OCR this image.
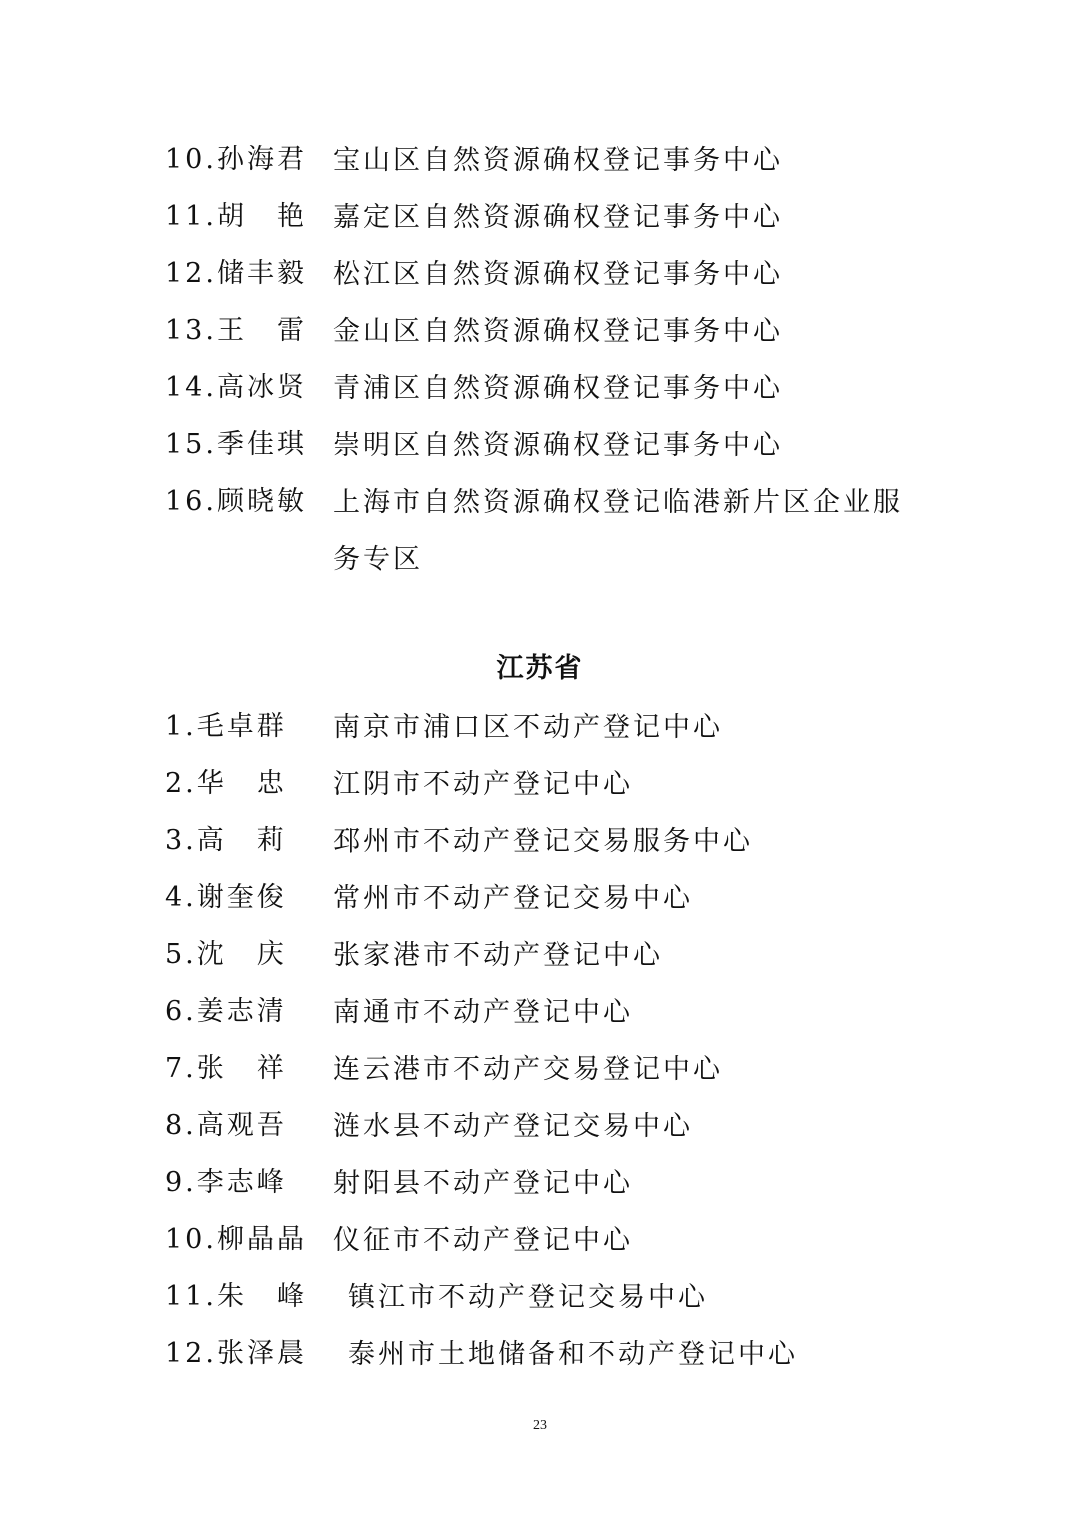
10.孙海君 宝山区自然资源确权登记事务中心
11.胡　艳 嘉定区自然资源确权登记事务中心
12.储丰毅 松江区自然资源确权登记事务中心
13.王　雷 金山区自然资源确权登记事务中心
14.高冰贤 青浦区自然资源确权登记事务中心
15.季佳琪 崇明区自然资源确权登记事务中心
16.顾晓敏 上海市自然资源确权登记临港新片区企业服务专区
江苏省
1.毛卓群 南京市浦口区不动产登记中心
2.华　忠 江阴市不动产登记中心
3.高　莉 邳州市不动产登记交易服务中心
4.谢奎俊 常州市不动产登记交易中心
5.沈　庆 张家港市不动产登记中心
6.姜志清 南通市不动产登记中心
7.张　祥 连云港市不动产交易登记中心
8.高观吾 涟水县不动产登记交易中心
9.李志峰 射阳县不动产登记中心
10.柳晶晶 仪征市不动产登记中心
11.朱　峰 镇江市不动产登记交易中心
12.张泽晨 泰州市土地储备和不动产登记中心
23
